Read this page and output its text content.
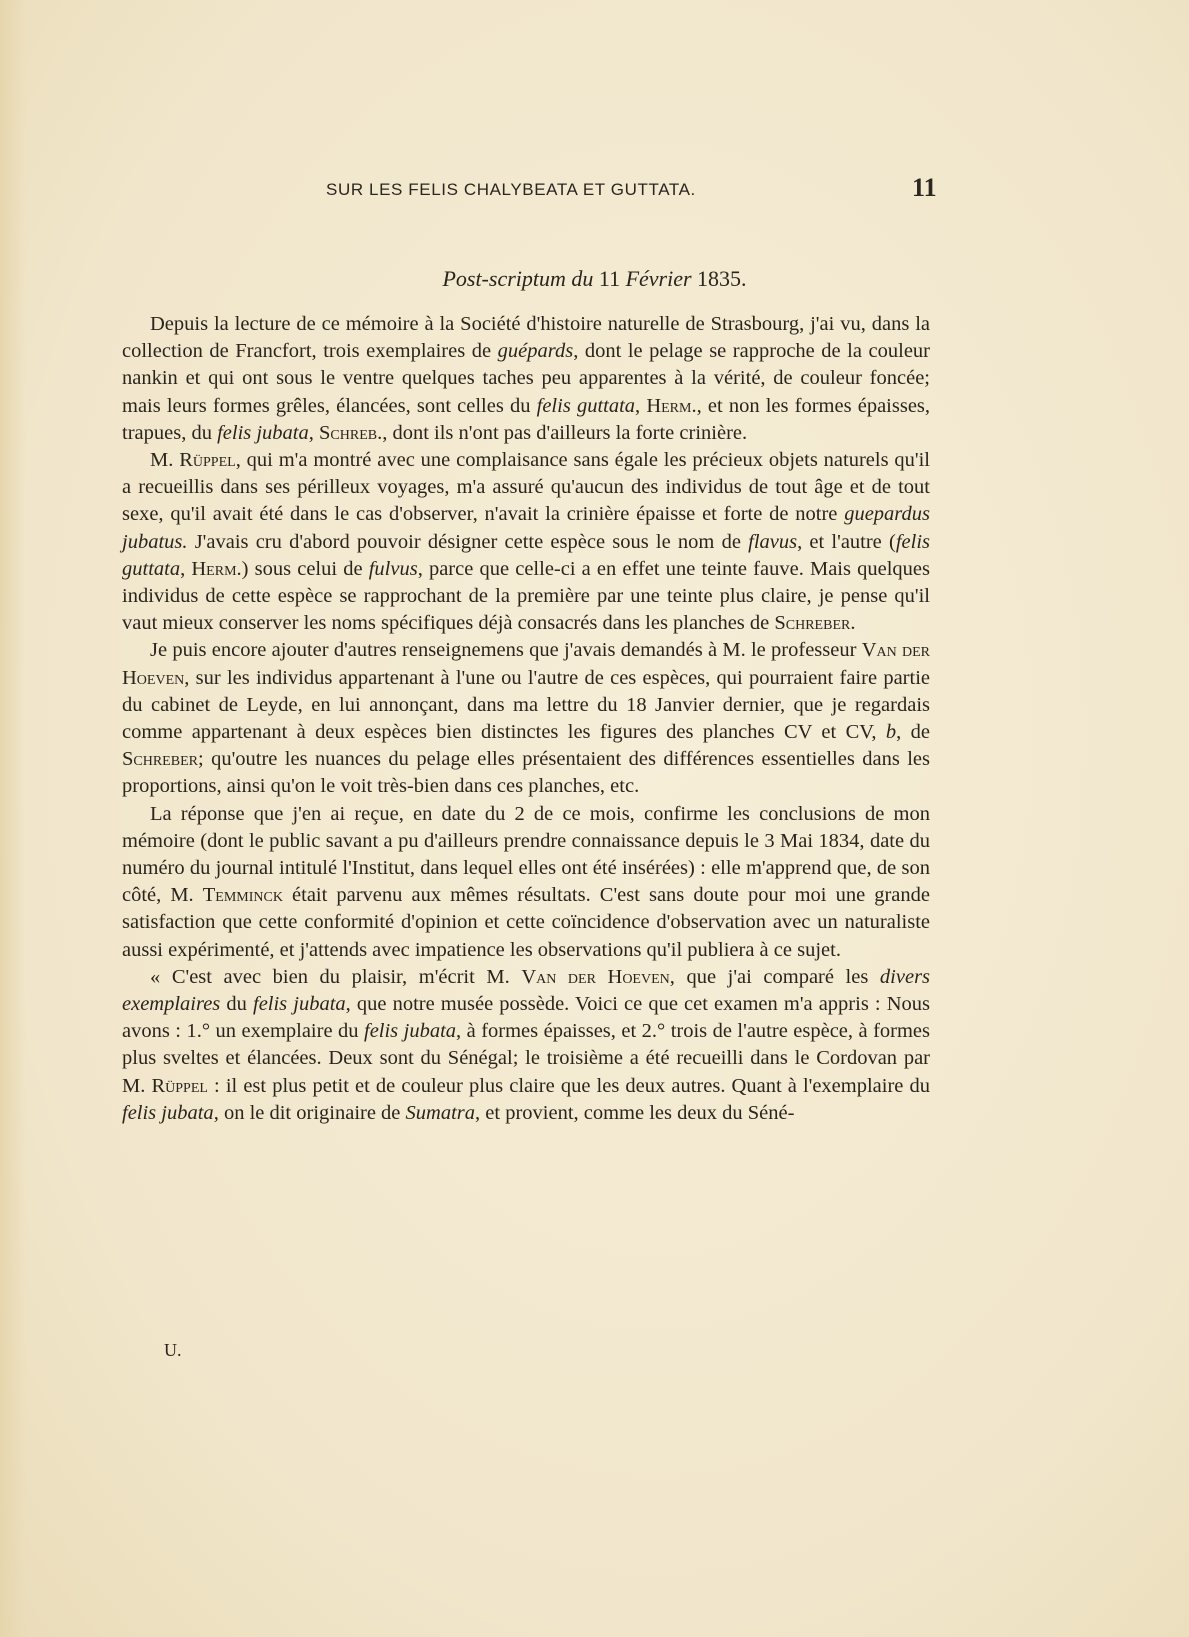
SUR LES FELIS CHALYBEATA ET GUTTATA.	11
Post-scriptum du 11 Février 1835.

Depuis la lecture de ce mémoire à la Société d'histoire naturelle de Strasbourg, j'ai vu, dans la collection de Francfort, trois exemplaires de guépards, dont le pelage se rapproche de la couleur nankin et qui ont sous le ventre quelques taches peu apparentes à la vérité, de couleur foncée; mais leurs formes grêles, élancées, sont celles du felis guttata, Herm., et non les formes épaisses, trapues, du felis jubata, Schreb., dont ils n'ont pas d'ailleurs la forte crinière.

M. Rüppel, qui m'a montré avec une complaisance sans égale les précieux objets naturels qu'il a recueillis dans ses périlleux voyages, m'a assuré qu'aucun des individus de tout âge et de tout sexe, qu'il avait été dans le cas d'observer, n'avait la crinière épaisse et forte de notre guepardus jubatus. J'avais cru d'abord pouvoir désigner cette espèce sous le nom de flavus, et l'autre (felis guttata, Herm.) sous celui de fulvus, parce que celle-ci a en effet une teinte fauve. Mais quelques individus de cette espèce se rapprochant de la première par une teinte plus claire, je pense qu'il vaut mieux conserver les noms spécifiques déjà consacrés dans les planches de Schreber.

Je puis encore ajouter d'autres renseignemens que j'avais demandés à M. le professeur Van der Hoeven, sur les individus appartenant à l'une ou l'autre de ces espèces, qui pourraient faire partie du cabinet de Leyde, en lui annonçant, dans ma lettre du 18 Janvier dernier, que je regardais comme appartenant à deux espèces bien distinctes les figures des planches CV et CV, b, de Schreber; qu'outre les nuances du pelage elles présentaient des différences essentielles dans les proportions, ainsi qu'on le voit très-bien dans ces planches, etc.

La réponse que j'en ai reçue, en date du 2 de ce mois, confirme les conclusions de mon mémoire (dont le public savant a pu d'ailleurs prendre connaissance depuis le 3 Mai 1834, date du numéro du journal intitulé l'Institut, dans lequel elles ont été insérées) : elle m'apprend que, de son côté, M. Temminck était parvenu aux mêmes résultats. C'est sans doute pour moi une grande satisfaction que cette conformité d'opinion et cette coïncidence d'observation avec un naturaliste aussi expérimenté, et j'attends avec impatience les observations qu'il publiera à ce sujet.

« C'est avec bien du plaisir, m'écrit M. Van der Hoeven, que j'ai comparé les divers exemplaires du felis jubata, que notre musée possède. Voici ce que cet examen m'a appris : Nous avons : 1.° un exemplaire du felis jubata, à formes épaisses, et 2.° trois de l'autre espèce, à formes plus sveltes et élancées. Deux sont du Sénégal; le troisième a été recueilli dans le Cordovan par M. Rüppel : il est plus petit et de couleur plus claire que les deux autres. Quant à l'exemplaire du felis jubata, on le dit originaire de Sumatra, et provient, comme les deux du Séné-

U.
